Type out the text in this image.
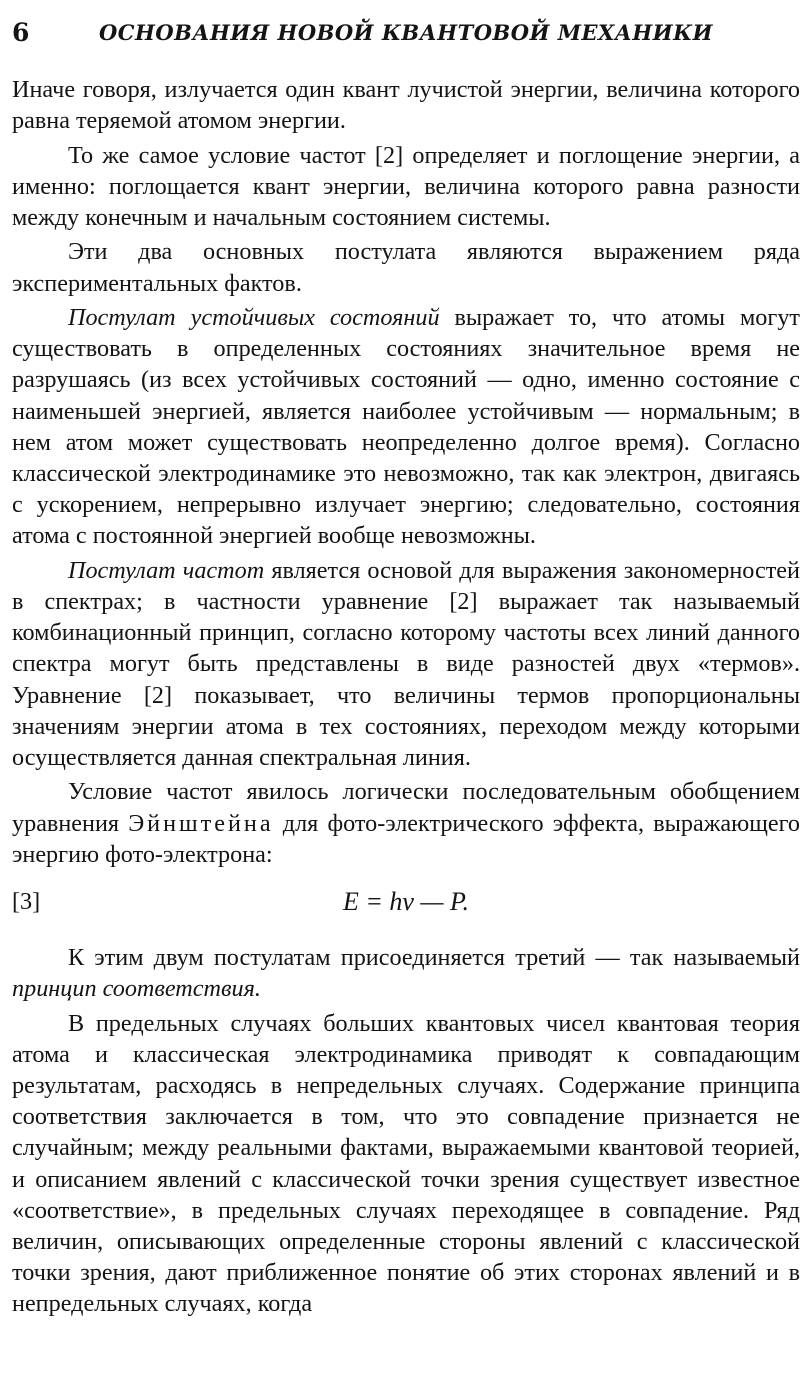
6	ОСНОВАНИЯ НОВОЙ КВАНТОВОЙ МЕХАНИКИ

Иначе говоря, излучается один квант лучистой энергии, величина которого равна теряемой атомом энергии.

То же самое условие частот [2] определяет и поглощение энергии, а именно: поглощается квант энергии, величина которого равна разности между конечным и начальным состоянием системы.

Эти два основных постулата являются выражением ряда экспериментальных фактов.

Постулат устойчивых состояний выражает то, что атомы могут существовать в определенных состояниях значительное время не разрушаясь (из всех устойчивых состояний — одно, именно состояние с наименьшей энергией, является наиболее устойчивым — нормальным; в нем атом может существовать неопределенно долгое время). Согласно классической электродинамике это невозможно, так как электрон, двигаясь с ускорением, непрерывно излучает энергию; следовательно, состояния атома с постоянной энергией вообще невозможны.

Постулат частот является основой для выражения закономерностей в спектрах; в частности уравнение [2] выражает так называемый комбинационный принцип, согласно которому частоты всех линий данного спектра могут быть представлены в виде разностей двух «термов». Уравнение [2] показывает, что величины термов пропорциональны значениям энергии атома в тех состояниях, переходом между которыми осуществляется данная спектральная линия.

Условие частот явилось логически последовательным обобщением уравнения Эйнштейна для фото-электрического эффекта, выражающего энергию фото-электрона:

[3]	E = hν — P.

К этим двум постулатам присоединяется третий — так называемый принцип соответствия.

В предельных случаях больших квантовых чисел квантовая теория атома и классическая электродинамика приводят к совпадающим результатам, расходясь в непредельных случаях. Содержание принципа соответствия заключается в том, что это совпадение признается не случайным; между реальными фактами, выражаемыми квантовой теорией, и описанием явлений с классической точки зрения существует известное «соответствие», в предельных случаях переходящее в совпадение. Ряд величин, описывающих определенные стороны явлений с классической точки зрения, дают приближенное понятие об этих сторонах явлений и в непредельных случаях, когда
